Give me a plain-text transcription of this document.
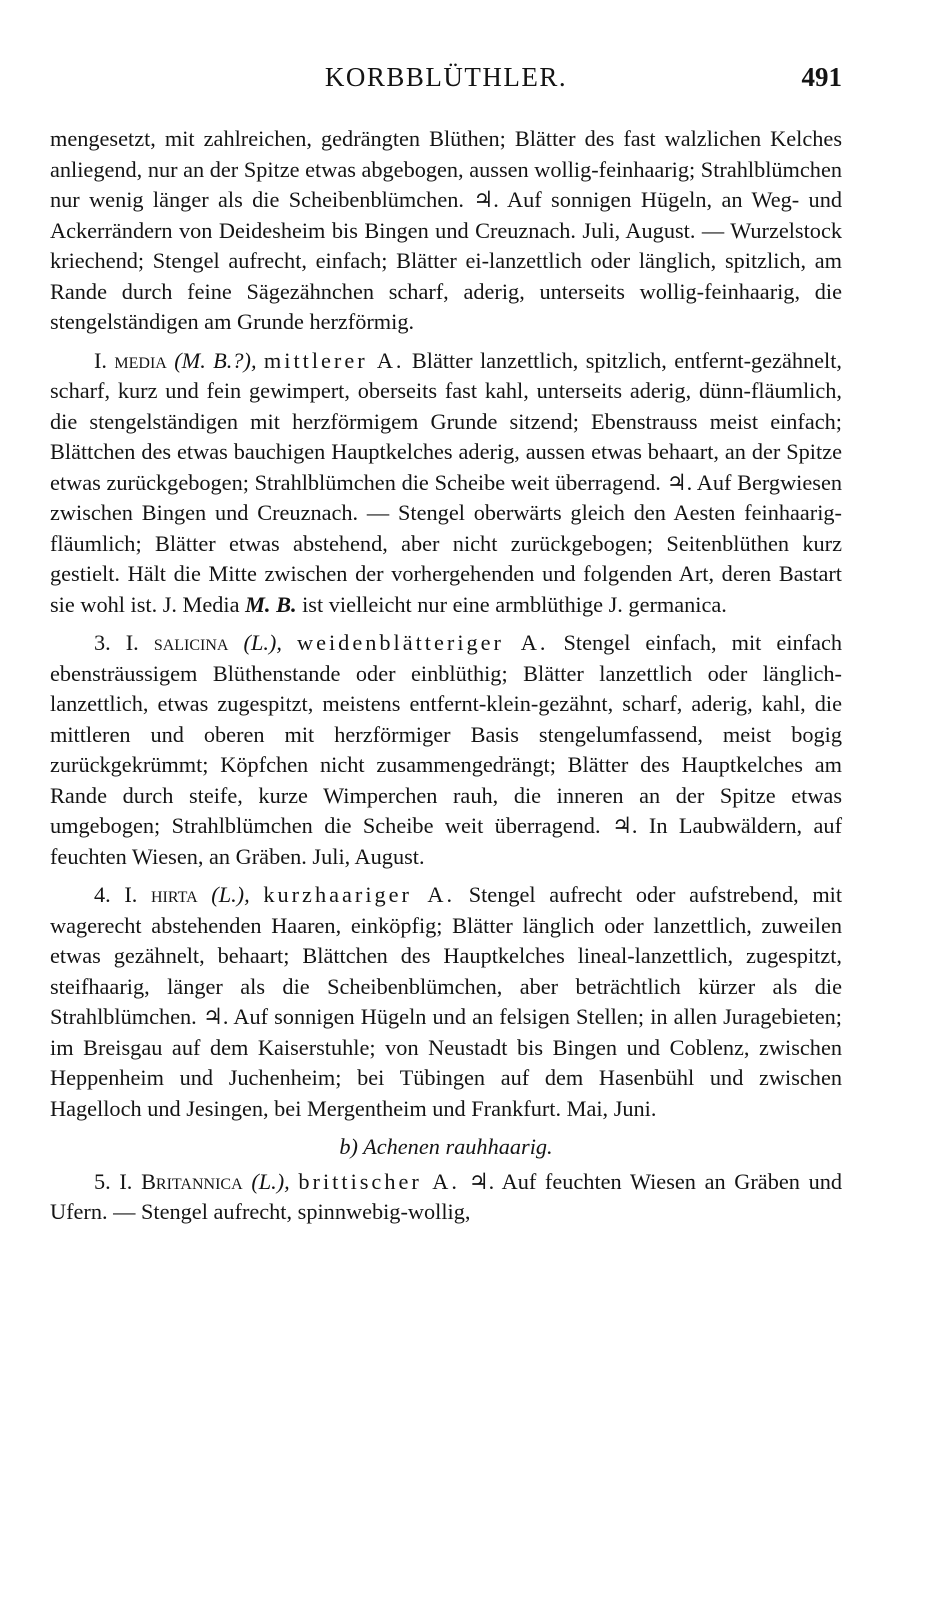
KORBBLÜTHLER.	491

mengesetzt, mit zahlreichen, gedrängten Blüthen; Blätter des fast walzlichen Kelches anliegend, nur an der Spitze etwas abgebogen, aussen wollig-feinhaarig; Strahlblümchen nur wenig länger als die Scheibenblümchen. ♃. Auf sonnigen Hügeln, an Weg- und Ackerrändern von Deidesheim bis Bingen und Creuznach. Juli, August. — Wurzelstock kriechend; Stengel aufrecht, einfach; Blätter ei-lanzettlich oder länglich, spitzlich, am Rande durch feine Sägezähnchen scharf, aderig, unterseits wollig-feinhaarig, die stengelständigen am Grunde herzförmig.

I. media (M. B.?), mittlerer A. Blätter lanzettlich, spitzlich, entfernt-gezähnelt, scharf, kurz und fein gewimpert, oberseits fast kahl, unterseits aderig, dünn-fläumlich, die stengelständigen mit herzförmigem Grunde sitzend; Ebenstrauss meist einfach; Blättchen des etwas bauchigen Hauptkelches aderig, aussen etwas behaart, an der Spitze etwas zurückgebogen; Strahlblümchen die Scheibe weit überragend. ♃. Auf Bergwiesen zwischen Bingen und Creuznach. — Stengel oberwärts gleich den Aesten feinhaarig-fläumlich; Blätter etwas abstehend, aber nicht zurückgebogen; Seitenblüthen kurz gestielt. Hält die Mitte zwischen der vorhergehenden und folgenden Art, deren Bastart sie wohl ist. J. Media M. B. ist vielleicht nur eine armblüthige J. germanica.

3. I. salicina (L.), weidenblätteriger A. Stengel einfach, mit einfach ebensträussigem Blüthenstande oder einblüthig; Blätter lanzettlich oder länglich-lanzettlich, etwas zugespitzt, meistens entfernt-klein-gezähnt, scharf, aderig, kahl, die mittleren und oberen mit herzförmiger Basis stengelumfassend, meist bogig zurückgekrümmt; Köpfchen nicht zusammengedrängt; Blätter des Hauptkelches am Rande durch steife, kurze Wimperchen rauh, die inneren an der Spitze etwas umgebogen; Strahlblümchen die Scheibe weit überragend. ♃. In Laubwäldern, auf feuchten Wiesen, an Gräben. Juli, August.

4. I. hirta (L.), kurzhaariger A. Stengel aufrecht oder aufstrebend, mit wagerecht abstehenden Haaren, einköpfig; Blätter länglich oder lanzettlich, zuweilen etwas gezähnelt, behaart; Blättchen des Hauptkelches lineal-lanzettlich, zugespitzt, steifhaarig, länger als die Scheibenblümchen, aber beträchtlich kürzer als die Strahlblümchen. ♃. Auf sonnigen Hügeln und an felsigen Stellen; in allen Juragebieten; im Breisgau auf dem Kaiserstuhle; von Neustadt bis Bingen und Coblenz, zwischen Heppenheim und Juchenheim; bei Tübingen auf dem Hasenbühl und zwischen Hagelloch und Jesingen, bei Mergentheim und Frankfurt. Mai, Juni.

b) Achenen rauhhaarig.

5. I. Britannica (L.), brittischer A. ♃. Auf feuchten Wiesen an Gräben und Ufern. — Stengel aufrecht, spinnwebig-wollig,
